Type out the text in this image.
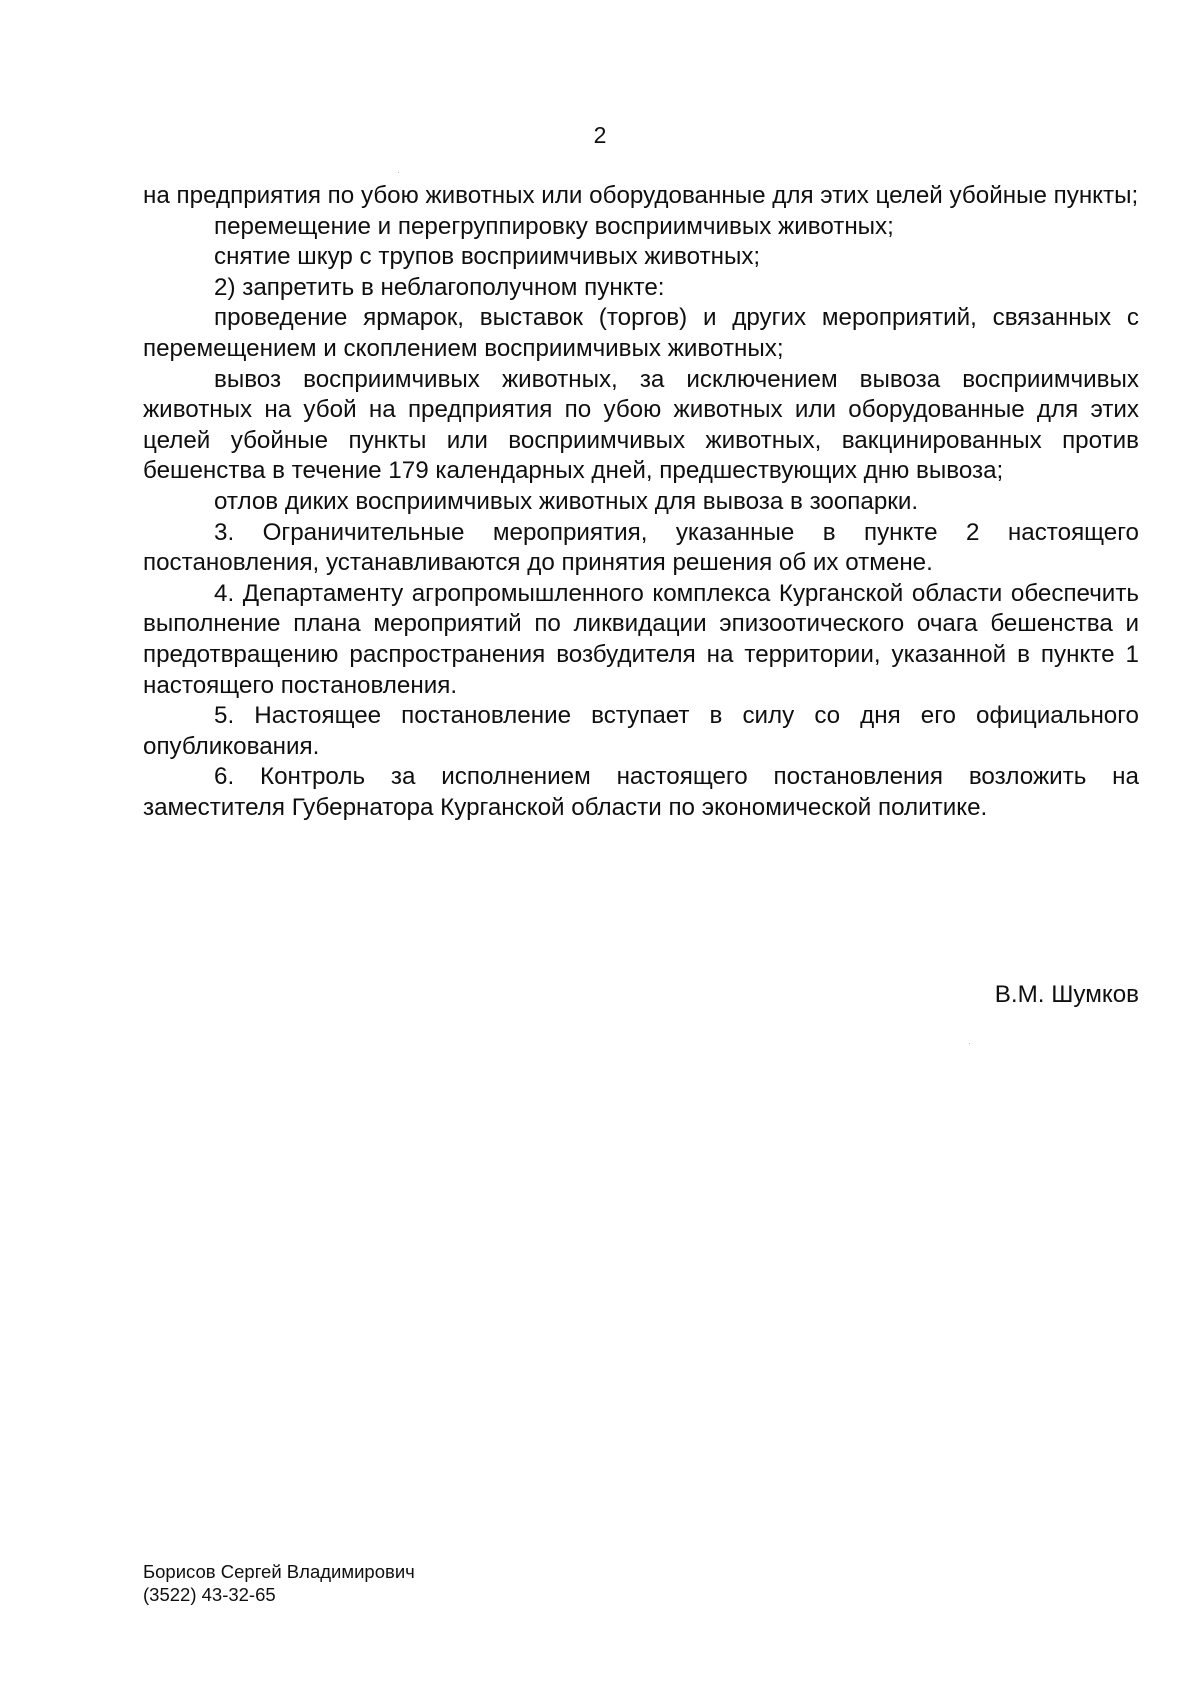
2

на предприятия по убою животных или оборудованные для этих целей убойные пункты;

перемещение и перегруппировку восприимчивых животных;

снятие шкур с трупов восприимчивых животных;

2) запретить в неблагополучном пункте:

проведение ярмарок, выставок (торгов) и других мероприятий, связанных с перемещением и скоплением восприимчивых животных;

вывоз восприимчивых животных, за исключением вывоза восприимчивых животных на убой на предприятия по убою животных или оборудованные для этих целей убойные пункты или восприимчивых животных, вакцинированных против бешенства в течение 179 календарных дней, предшествующих дню вывоза;

отлов диких восприимчивых животных для вывоза в зоопарки.

3. Ограничительные мероприятия, указанные в пункте 2 настоящего постановления, устанавливаются до принятия решения об их отмене.

4. Департаменту агропромышленного комплекса Курганской области обеспечить выполнение плана мероприятий по ликвидации эпизоотического очага бешенства и предотвращению распространения возбудителя на территории, указанной в пункте 1 настоящего постановления.

5. Настоящее постановление вступает в силу со дня его официального опубликования.

6. Контроль за исполнением настоящего постановления возложить на заместителя Губернатора Курганской области по экономической политике.

В.М. Шумков
Борисов Сергей Владимирович
(3522) 43-32-65
